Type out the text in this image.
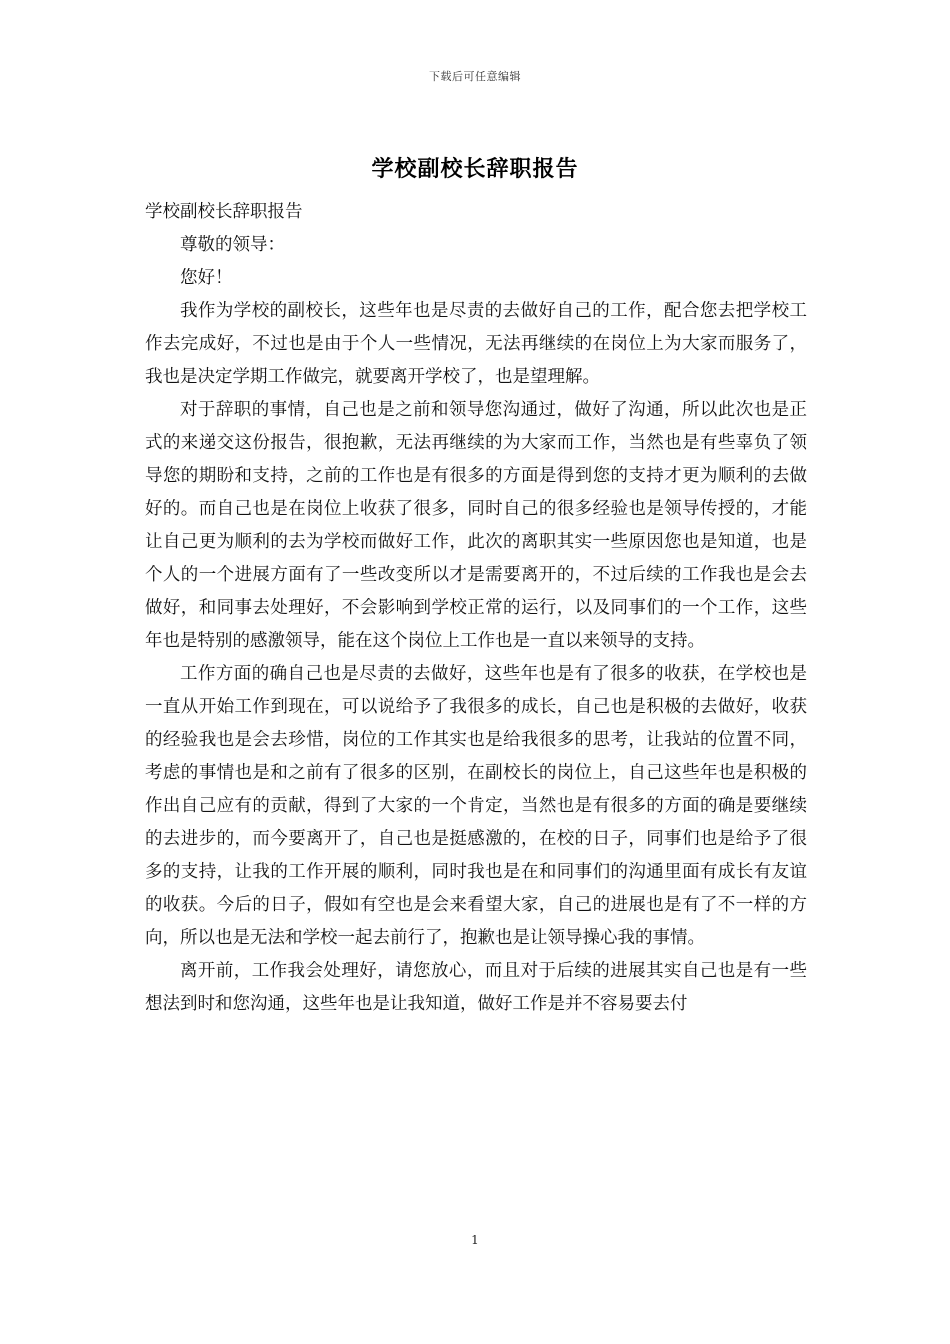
下载后可任意编辑
学校副校长辞职报告

学校副校长辞职报告

尊敬的领导：

您好！

我作为学校的副校长，这些年也是尽责的去做好自己的工作，配合您去把学校工作去完成好，不过也是由于个人一些情况，无法再继续的在岗位上为大家而服务了，我也是决定学期工作做完，就要离开学校了，也是望理解。

对于辞职的事情，自己也是之前和领导您沟通过，做好了沟通，所以此次也是正式的来递交这份报告，很抱歉，无法再继续的为大家而工作，当然也是有些辜负了领导您的期盼和支持，之前的工作也是有很多的方面是得到您的支持才更为顺利的去做好的。而自己也是在岗位上收获了很多，同时自己的很多经验也是领导传授的，才能让自己更为顺利的去为学校而做好工作，此次的离职其实一些原因您也是知道，也是个人的一个进展方面有了一些改变所以才是需要离开的，不过后续的工作我也是会去做好，和同事去处理好，不会影响到学校正常的运行，以及同事们的一个工作，这些年也是特别的感激领导，能在这个岗位上工作也是一直以来领导的支持。

工作方面的确自己也是尽责的去做好，这些年也是有了很多的收获，在学校也是一直从开始工作到现在，可以说给予了我很多的成长，自己也是积极的去做好，收获的经验我也是会去珍惜，岗位的工作其实也是给我很多的思考，让我站的位置不同，考虑的事情也是和之前有了很多的区别，在副校长的岗位上，自己这些年也是积极的作出自己应有的贡献，得到了大家的一个肯定，当然也是有很多的方面的确是要继续的去进步的，而今要离开了，自己也是挺感激的，在校的日子，同事们也是给予了很多的支持，让我的工作开展的顺利，同时我也是在和同事们的沟通里面有成长有友谊的收获。今后的日子，假如有空也是会来看望大家，自己的进展也是有了不一样的方向，所以也是无法和学校一起去前行了，抱歉也是让领导操心我的事情。

离开前，工作我会处理好，请您放心，而且对于后续的进展其实自己也是有一些想法到时和您沟通，这些年也是让我知道，做好工作是并不容易要去付

1
